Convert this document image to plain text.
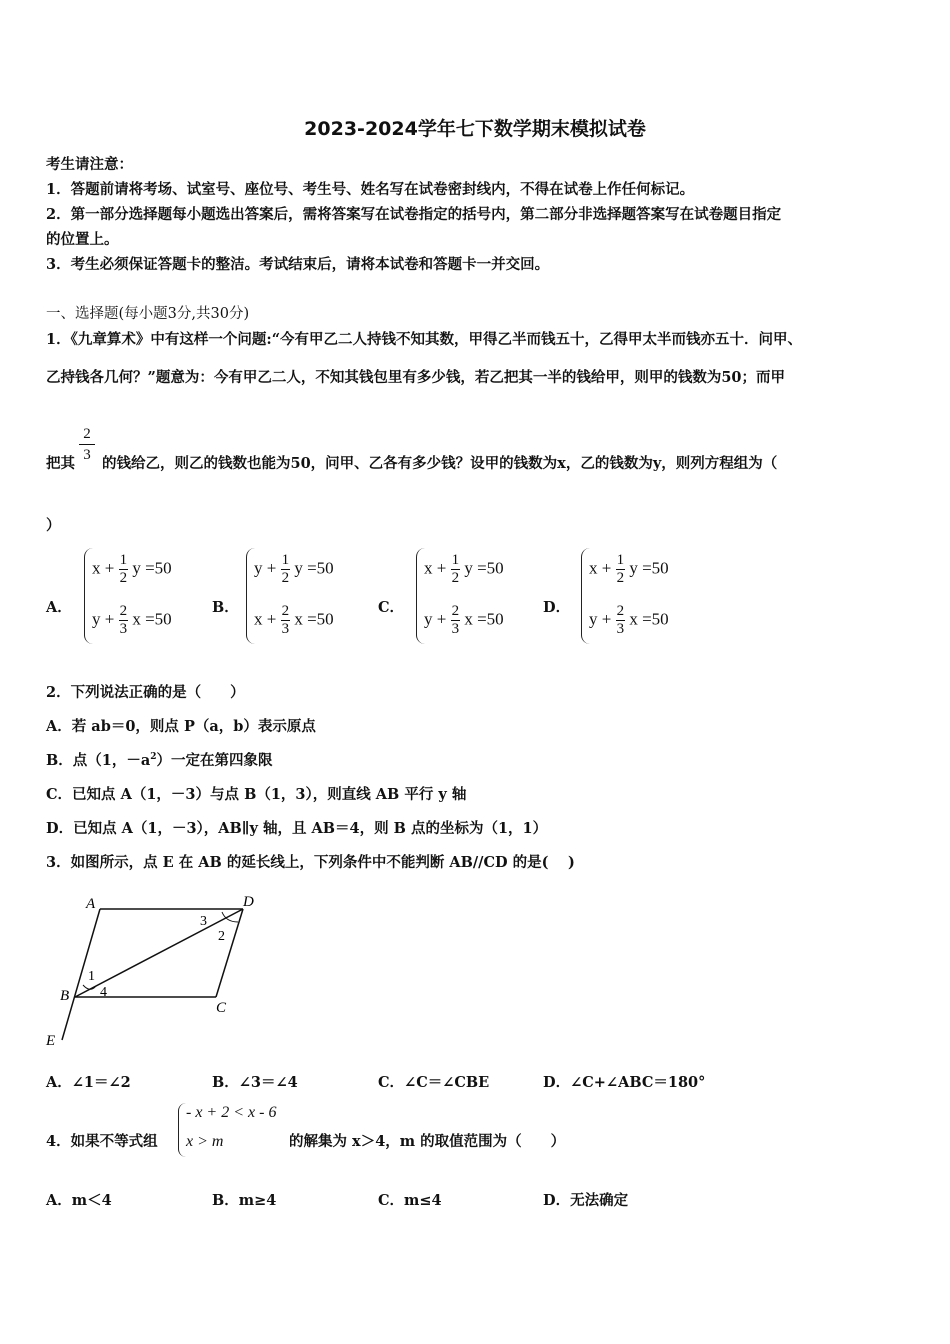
2023-2024学年七下数学期末模拟试卷
考生请注意：
1．答题前请将考场、试室号、座位号、考生号、姓名写在试卷密封线内，不得在试卷上作任何标记。
2．第一部分选择题每小题选出答案后，需将答案写在试卷指定的括号内，第二部分非选择题答案写在试卷题目指定
的位置上。
3．考生必须保证答题卡的整洁。考试结束后，请将本试卷和答题卡一并交回。
一、选择题(每小题3分,共30分)
1．《九章算术》中有这样一个问题:“今有甲乙二人持钱不知其数，甲得乙半而钱五十，乙得甲太半而钱亦五十．问甲、
乙持钱各几何？”题意为：今有甲乙二人，不知其钱包里有多少钱，若乙把其一半的钱给甲，则甲的钱数为50；而甲
把其 $\frac{2}{3}$ 的钱给乙，则乙的钱数也能为50，问甲、乙各有多少钱？设甲的钱数为x，乙的钱数为y，则列方程组为（
）
A．
$x + \frac{1}{2}$ y =50
$y + \frac{2}{3}$ x =50
B．
$y + \frac{1}{2}$ y =50
$x + \frac{2}{3}$ x =50
C．
$x + \frac{1}{2}$ y =50
$y + \frac{2}{3}$ x =50
D．
$x + \frac{1}{2}$ y =50
$y + \frac{2}{3}$ x =50
2．下列说法正确的是（　　）
A．若 ab＝0，则点 P（a，b）表示原点
B．点（1，$-a^2$）一定在第四象限
C．已知点 A（1，－3）与点 B（1，3），则直线 AB 平行 y 轴
D．已知点 A（1，－3），AB∥y 轴，且 AB＝4，则 B 点的坐标为（1，1）
3．如图所示，点 E 在 AB 的延长线上，下列条件中不能判断 AB//CD 的是(　 )
A	D
B
C
E
1
2
3
4
A．∠1＝∠2	B．∠3＝∠4	C．∠C＝∠CBE	D．∠C+∠ABC＝180°
4．如果不等式组
- x + 2 < x - 6
x > m	的解集为 x＞4，m 的取值范围为（　　）
A．m＜4	B．m≥4	C．m≤4	D．无法确定
